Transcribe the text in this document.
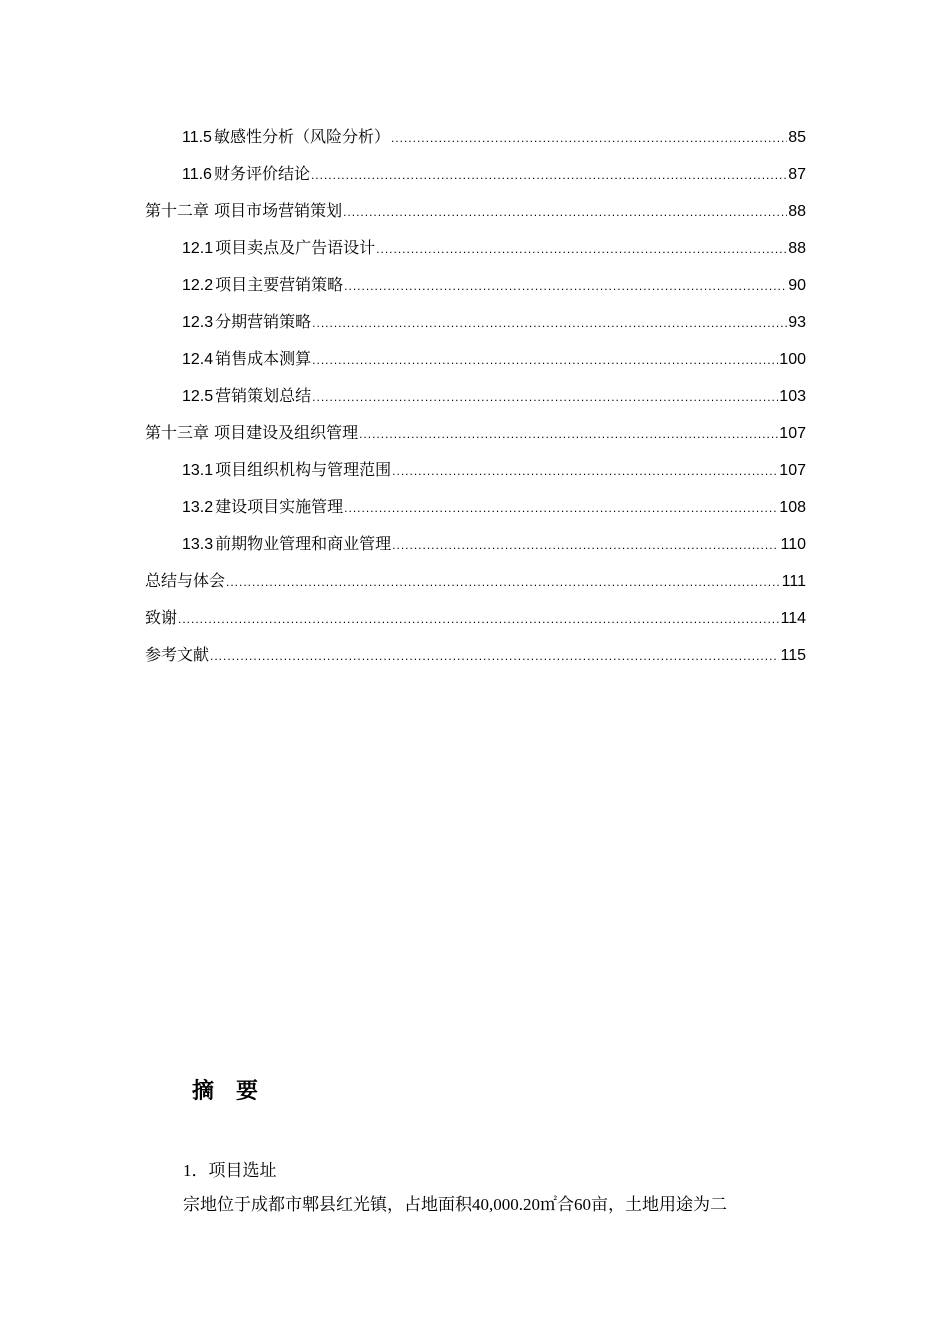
11.5 敏感性分析（风险分析） .....	85
11.6 财务评价结论 .....	87
第十二章 项目市场营销策划 .....	88
12.1 项目卖点及广告语设计 .....	88
12.2 项目主要营销策略 .....	90
12.3 分期营销策略 .....	93
12.4 销售成本测算 .....	100
12.5 营销策划总结 .....	103
第十三章 项目建设及组织管理 .....	107
13.1 项目组织机构与管理范围 .....	107
13.2 建设项目实施管理 .....	108
13.3 前期物业管理和商业管理 .....	110
总结与体会 .....	111
致谢 .....	114
参考文献 .....	115
摘要
1．项目选址
宗地位于成都市郫县红光镇，占地面积40,000.20㎡合60亩，土地用途为二
